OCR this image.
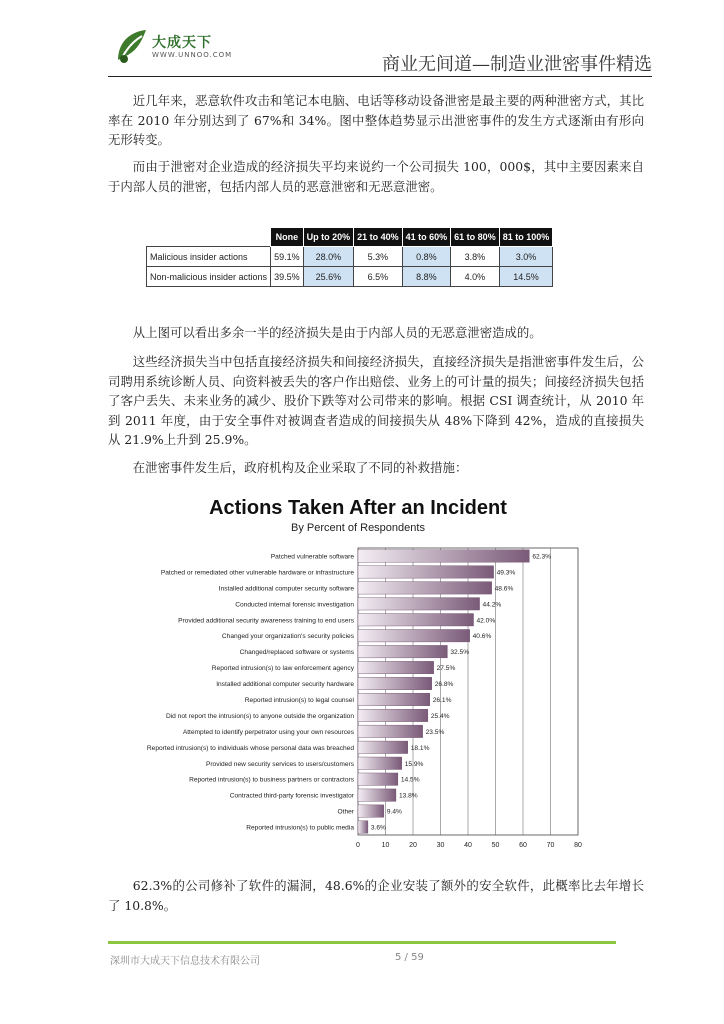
大成天下
WWW.UNNOO.COM	商业无间道—制造业泄密事件精选

近几年来，恶意软件攻击和笔记本电脑、电话等移动设备泄密是最主要的两种泄密方式，其比率在 2010 年分别达到了 67%和 34%。图中整体趋势显示出泄密事件的发生方式逐渐由有形向无形转变。

而由于泄密对企业造成的经济损失平均来说约一个公司损失 100，000$，其中主要因素来自于内部人员的泄密，包括内部人员的恶意泄密和无恶意泄密。

	None	Up to 20%	21 to 40%	41 to 60%	61 to 80%	81 to 100%
Malicious insider actions	59.1%	28.0%	5.3%	0.8%	3.8%	3.0%
Non-malicious insider actions	39.5%	25.6%	6.5%	8.8%	4.0%	14.5%

从上图可以看出多余一半的经济损失是由于内部人员的无恶意泄密造成的。

这些经济损失当中包括直接经济损失和间接经济损失，直接经济损失是指泄密事件发生后，公司聘用系统诊断人员、向资料被丢失的客户作出赔偿、业务上的可计量的损失；间接经济损失包括了客户丢失、未来业务的减少、股价下跌等对公司带来的影响。根据 CSI 调查统计，从 2010 年到 2011 年度，由于安全事件对被调查者造成的间接损失从 48%下降到 42%，造成的直接损失从 21.9%上升到 25.9%。

在泄密事件发生后，政府机构及企业采取了不同的补救措施：

Actions Taken After an Incident
By Percent of Respondents
0	10	20	30	40	50	60	70	80
Patched vulnerable software	62.3%
Patched or remediated other vulnerable hardware or infrastructure	49.3%
Installed additional computer security software	48.6%
Conducted internal forensic investigation	44.2%
Provided additional security awareness training to end users	42.0%
Changed your organization's security policies	40.6%
Changed/replaced software or systems	32.5%
Reported intrusion(s) to law enforcement agency	27.5%
Installed additional computer security hardware	26.8%
Reported intrusion(s) to legal counsel	26.1%
Did not report the intrusion(s) to anyone outside the organization	25.4%
Attempted to identify perpetrator using your own resources	23.5%
Reported intrusion(s) to individuals whose personal data was breached	18.1%
Provided new security services to users/customers	15.9%
Reported intrusion(s) to business partners or contractors	14.5%
Contracted third-party forensic investigator	13.8%
Other	9.4%
Reported intrusion(s) to public media	3.6%

62.3%的公司修补了软件的漏洞，48.6%的企业安装了额外的安全软件，此概率比去年增长了 10.8%。

深圳市大成天下信息技术有限公司	5 / 59
